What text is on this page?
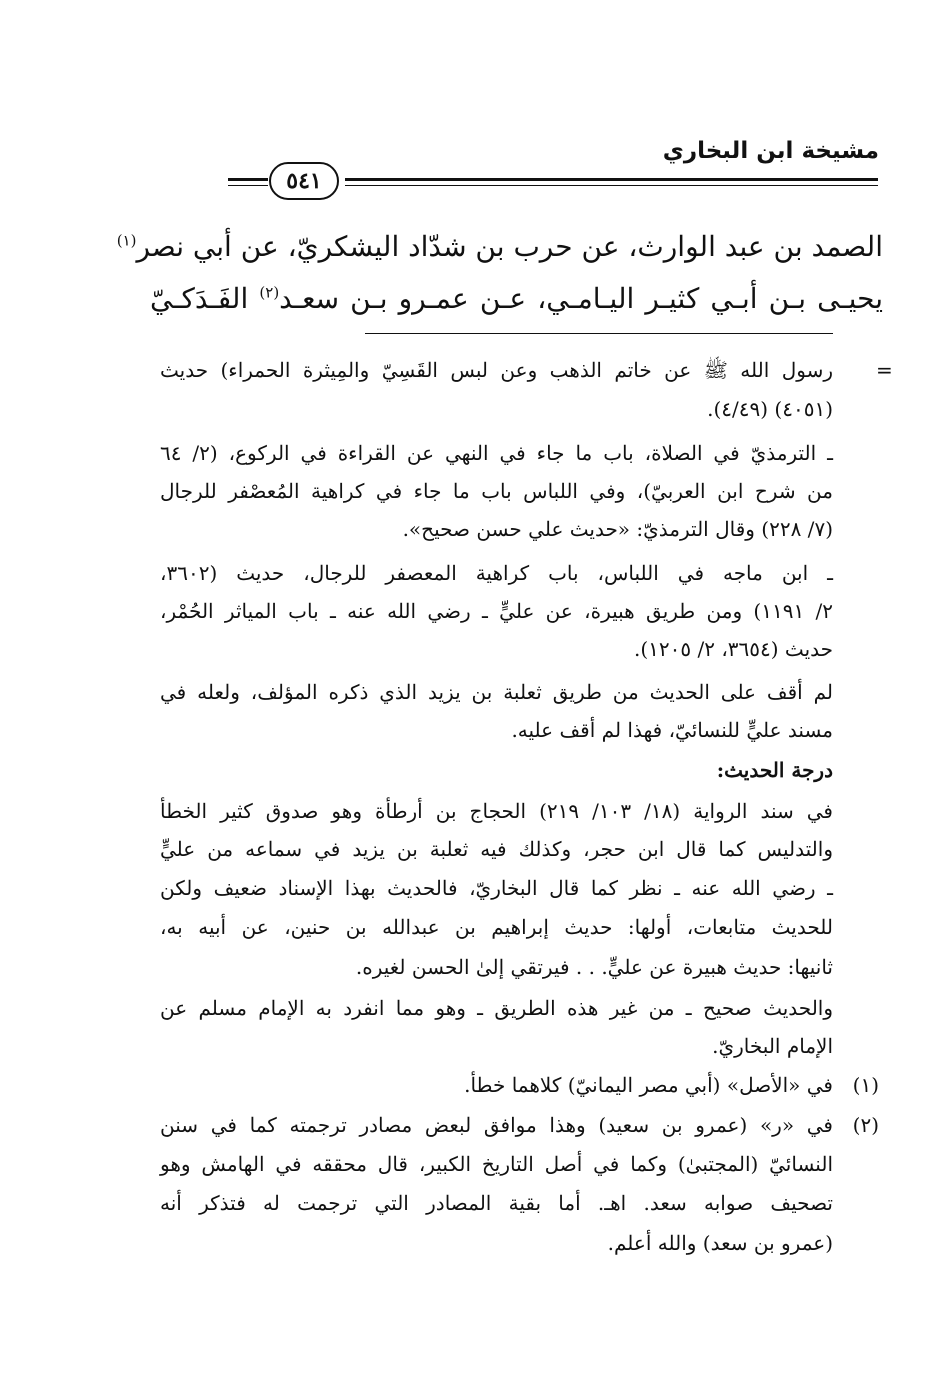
مشيخة ابن البخاري
٥٤١
الصمد بن عبد الوارث، عن حرب بن شدّاد اليشكريّ، عن أبي نصر$^{(١)}$
يحيـى بـن أبـي كثيـر اليـامـي، عـن عمـرو بـن سعـد$^{(٢)}$ الفَـدَكـيّ
=
رسول الله ﷺ عن خاتم الذهب وعن لبس القَسِيّ والمِيثرة الحمراء) حديث
(٤٠٥١) (٤/٤٩).
ـ الترمذيّ في الصلاة، باب ما جاء في النهي عن القراءة في الركوع، (٢/ ٦٤
من شرح ابن العربيّ)، وفي اللباس باب ما جاء في كراهية المُعصْفر للرجال
(٧/ ٢٢٨) وقال الترمذيّ: «حديث علي حسن صحيح».
ـ ابن ماجه في اللباس، باب كراهية المعصفر للرجال، حديث (٣٦٠٢،
٢/ ١١٩١) ومن طريق هبيرة، عن عليٍّ ـ رضي الله عنه ـ باب المياثر الحُمْر،
حديث (٣٦٥٤، ٢/ ١٢٠٥).
لم أقف على الحديث من طريق ثعلبة بن يزيد الذي ذكره المؤلف، ولعله في
مسند عليٍّ للنسائيّ، فهذا لم أقف عليه.
درجة الحديث:
في سند الرواية (١٨/ ١٠٣/ ٢١٩) الحجاج بن أرطأة وهو صدوق كثير الخطأ
والتدليس كما قال ابن حجر، وكذلك فيه ثعلبة بن يزيد في سماعه من عليٍّ
ـ رضي الله عنه ـ نظر كما قال البخاريّ، فالحديث بهذا الإسناد ضعيف ولكن
للحديث متابعات، أولها: حديث إبراهيم بن عبدالله بن حنين، عن أبيه به،
ثانيها: حديث هبيرة عن عليٍّ. . . فيرتقي إلىٰ الحسن لغيره.
والحديث صحيح ـ من غير هذه الطريق ـ وهو مما انفرد به الإمام مسلم عن
الإمام البخاريّ.
(١)
في «الأصل» (أبي مصر اليمانيّ) كلاهما خطأ.
(٢)
في «ر» (عمرو بن سعيد) وهذا موافق لبعض مصادر ترجمته كما في سنن
النسائيّ (المجتبىٰ) وكما في أصل التاريخ الكبير، قال محققه في الهامش وهو
تصحيف صوابه سعد. اهـ. أما بقية المصادر التي ترجمت له فتذكر أنه
(عمرو بن سعد) والله أعلم.
